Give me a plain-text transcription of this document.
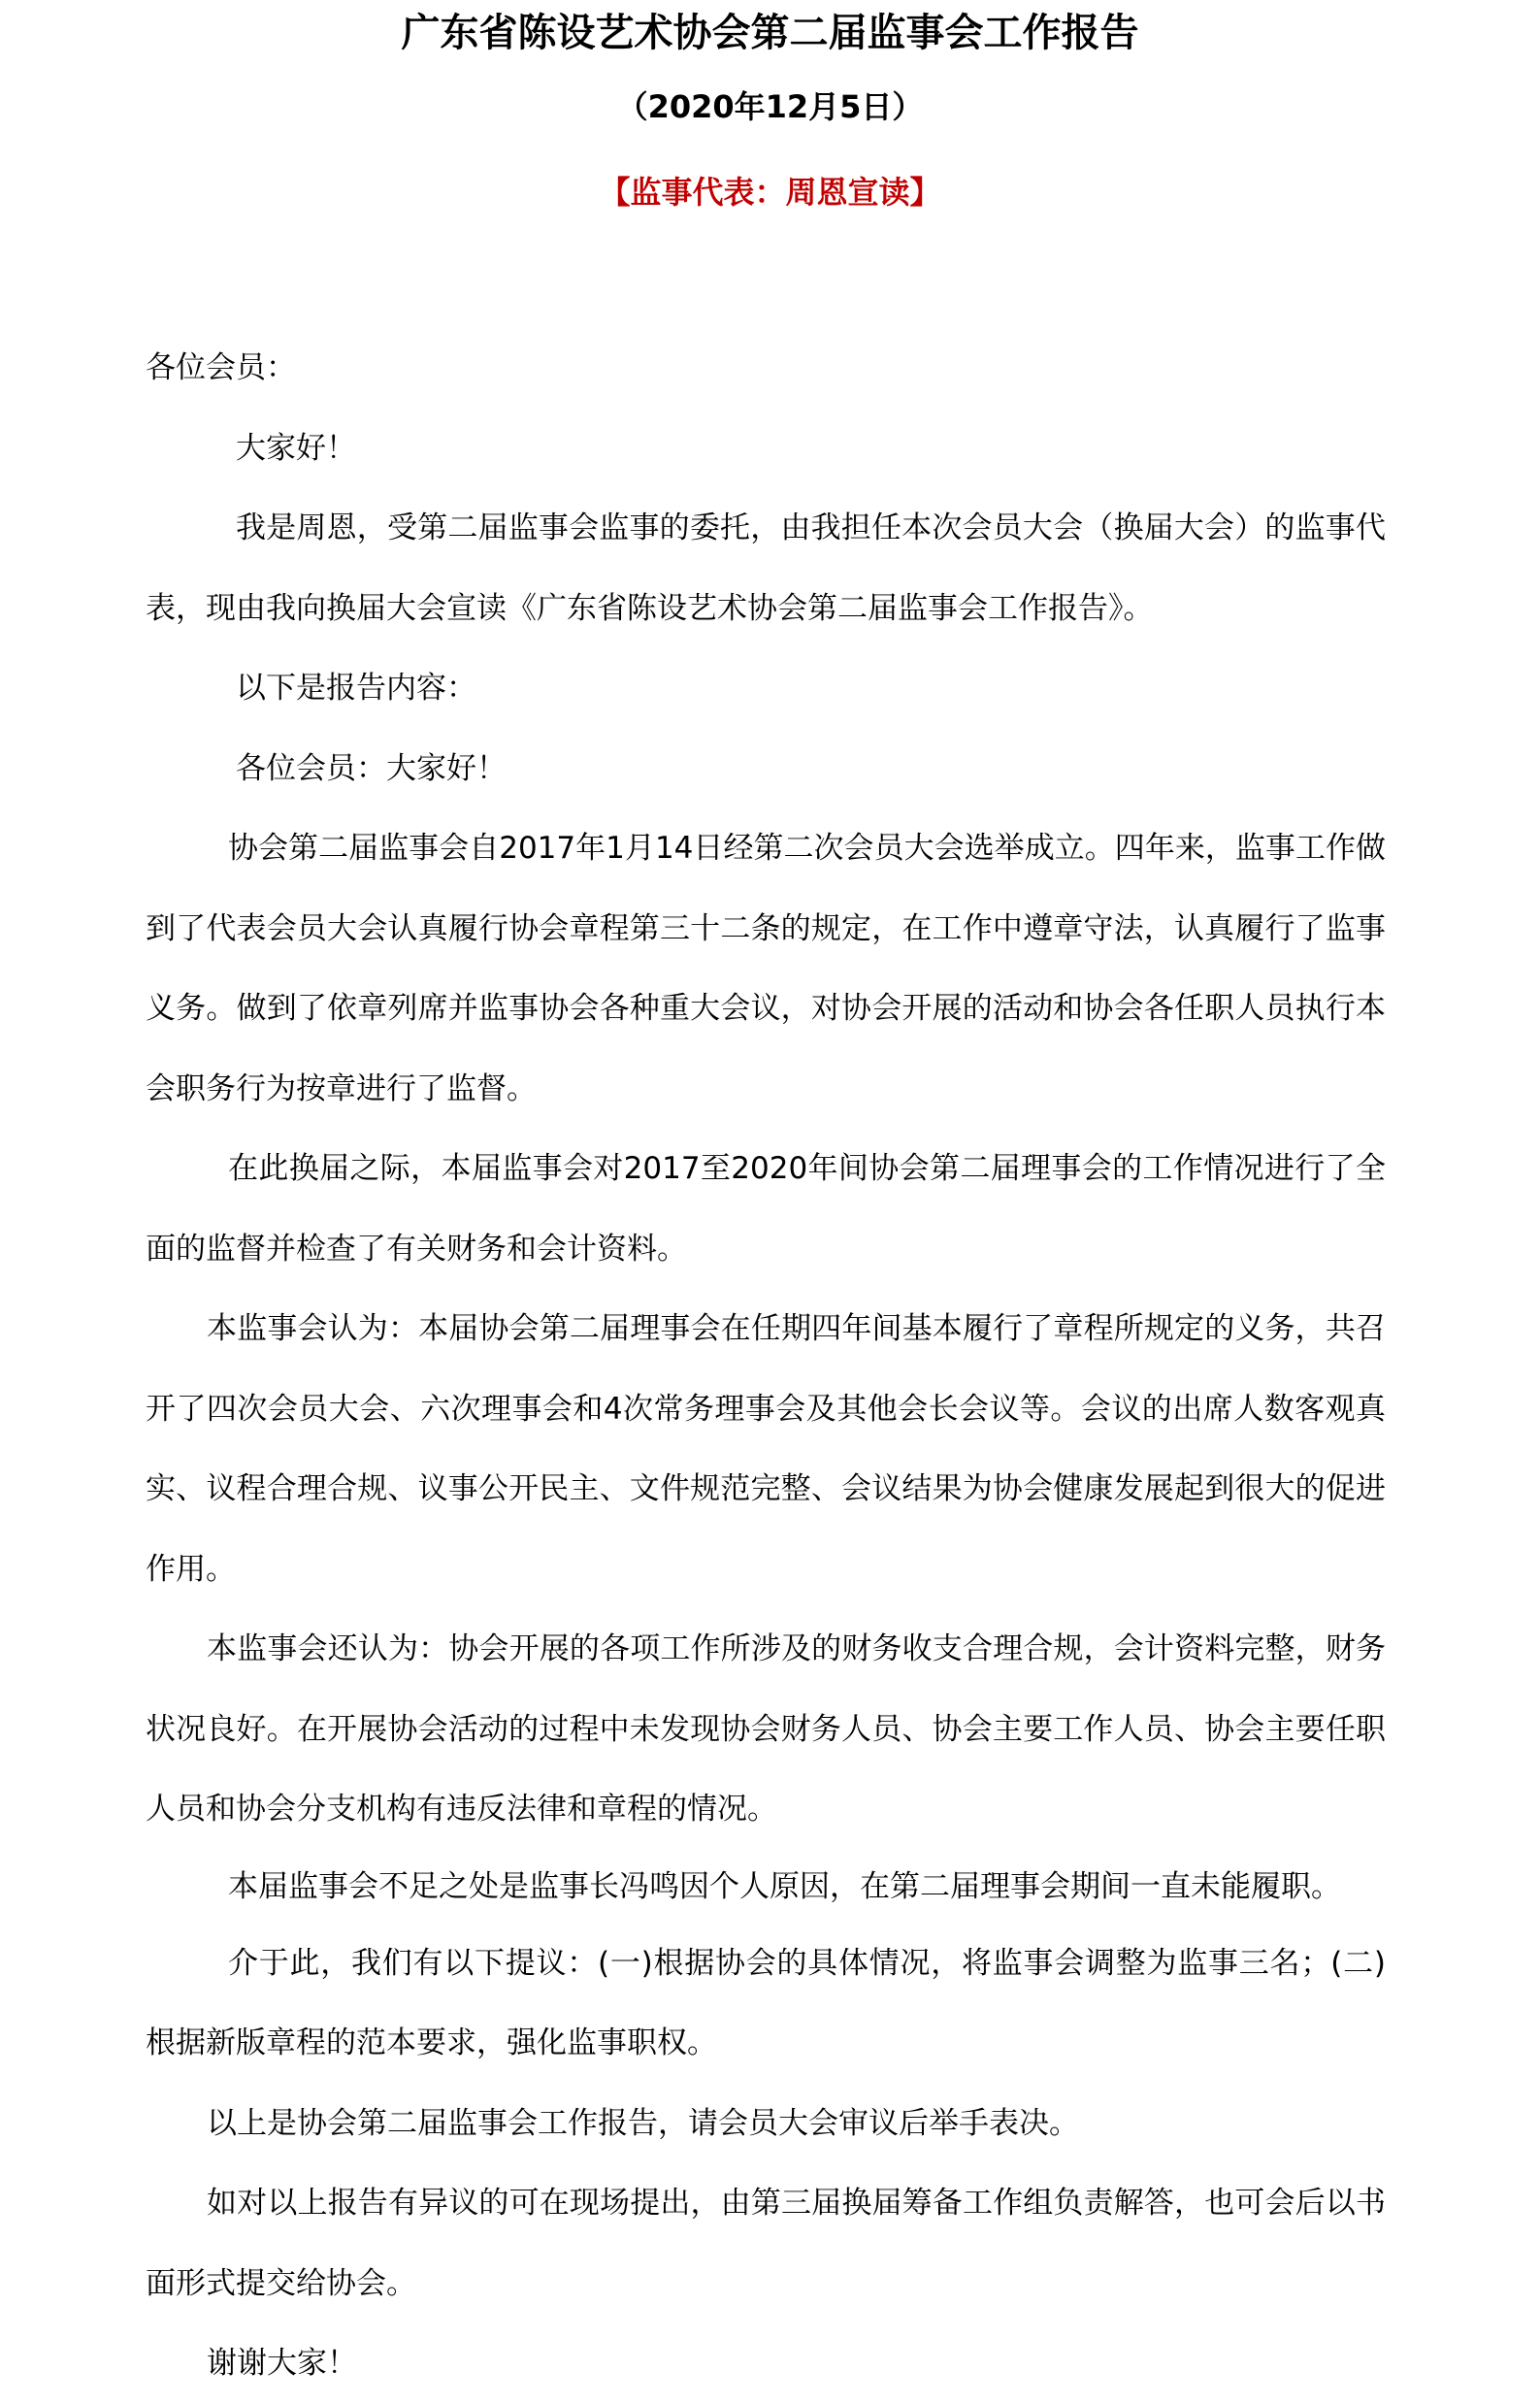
广东省陈设艺术协会第二届监事会工作报告
（2020年12月5日）
【监事代表：周恩宣读】

各位会员：

大家好！

我是周恩，受第二届监事会监事的委托，由我担任本次会员大会（换届大会）的监事代表，现由我向换届大会宣读《广东省陈设艺术协会第二届监事会工作报告》。

以下是报告内容：

各位会员：大家好！

协会第二届监事会自2017年1月14日经第二次会员大会选举成立。四年来，监事工作做到了代表会员大会认真履行协会章程第三十二条的规定，在工作中遵章守法，认真履行了监事义务。做到了依章列席并监事协会各种重大会议，对协会开展的活动和协会各任职人员执行本会职务行为按章进行了监督。

在此换届之际，本届监事会对2017至2020年间协会第二届理事会的工作情况进行了全面的监督并检查了有关财务和会计资料。

本监事会认为：本届协会第二届理事会在任期四年间基本履行了章程所规定的义务，共召开了四次会员大会、六次理事会和4次常务理事会及其他会长会议等。会议的出席人数客观真实、议程合理合规、议事公开民主、文件规范完整、会议结果为协会健康发展起到很大的促进作用。

本监事会还认为：协会开展的各项工作所涉及的财务收支合理合规，会计资料完整，财务状况良好。在开展协会活动的过程中未发现协会财务人员、协会主要工作人员、协会主要任职人员和协会分支机构有违反法律和章程的情况。

本届监事会不足之处是监事长冯鸣因个人原因，在第二届理事会期间一直未能履职。

介于此，我们有以下提议：(一)根据协会的具体情况，将监事会调整为监事三名；(二)根据新版章程的范本要求，强化监事职权。

以上是协会第二届监事会工作报告，请会员大会审议后举手表决。

如对以上报告有异议的可在现场提出，由第三届换届筹备工作组负责解答，也可会后以书面形式提交给协会。

谢谢大家！
